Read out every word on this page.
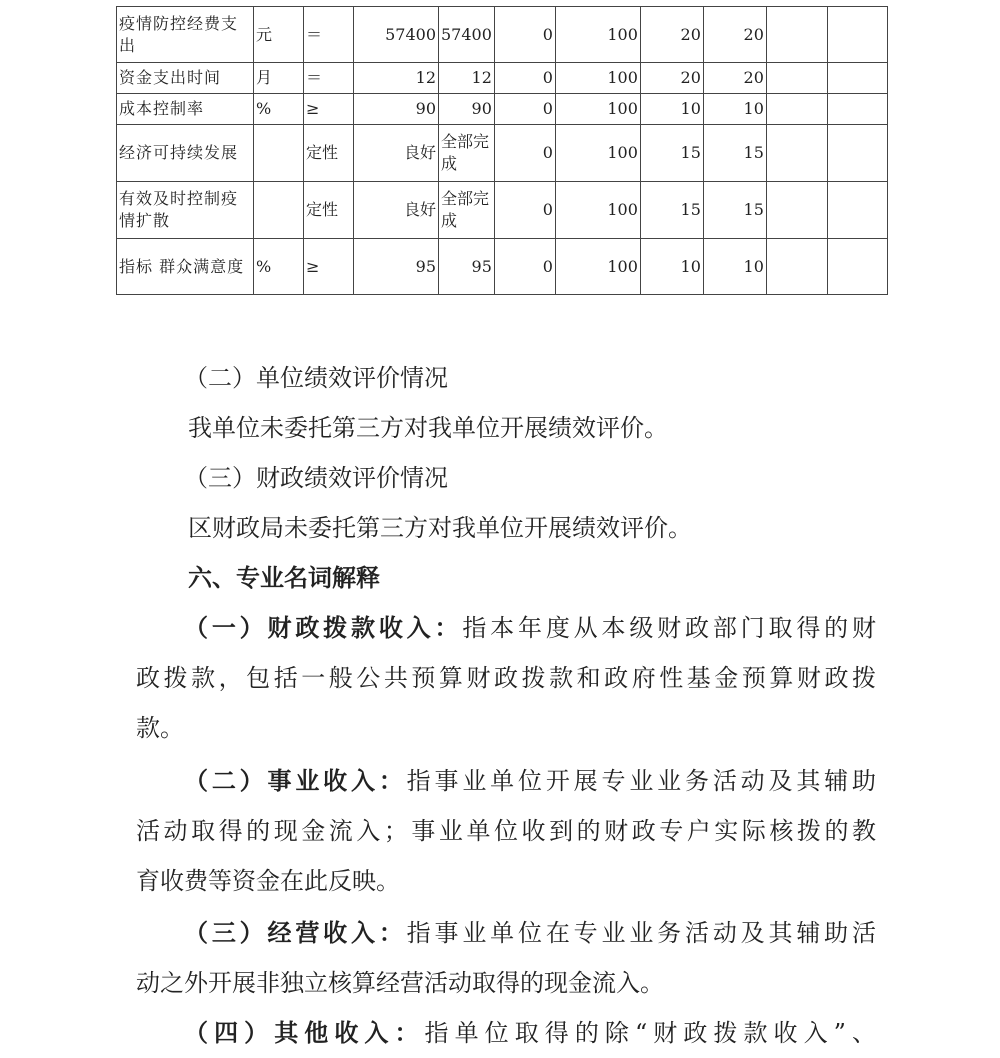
疫情防控经费支出	元	＝	57400	57400	0	100	20	20		
资金支出时间	月	＝	12	12	0	100	20	20		
成本控制率	%	≥	90	90	0	100	10	10		
经济可持续发展		定性	良好	全部完成	0	100	15	15		
有效及时控制疫情扩散		定性	良好	全部完成	0	100	15	15		
指标 群众满意度	%	≥	95	95	0	100	10	10		
（二）单位绩效评价情况
我单位未委托第三方对我单位开展绩效评价。
（三）财政绩效评价情况
区财政局未委托第三方对我单位开展绩效评价。
六、专业名词解释
（一）财政拨款收入：指本年度从本级财政部门取得的财
政拨款，包括一般公共预算财政拨款和政府性基金预算财政拨
款。
（二）事业收入：指事业单位开展专业业务活动及其辅助
活动取得的现金流入；事业单位收到的财政专户实际核拨的教
育收费等资金在此反映。
（三）经营收入：指事业单位在专业业务活动及其辅助活
动之外开展非独立核算经营活动取得的现金流入。
（四）其他收入：指单位取得的除“财政拨款收入”、
